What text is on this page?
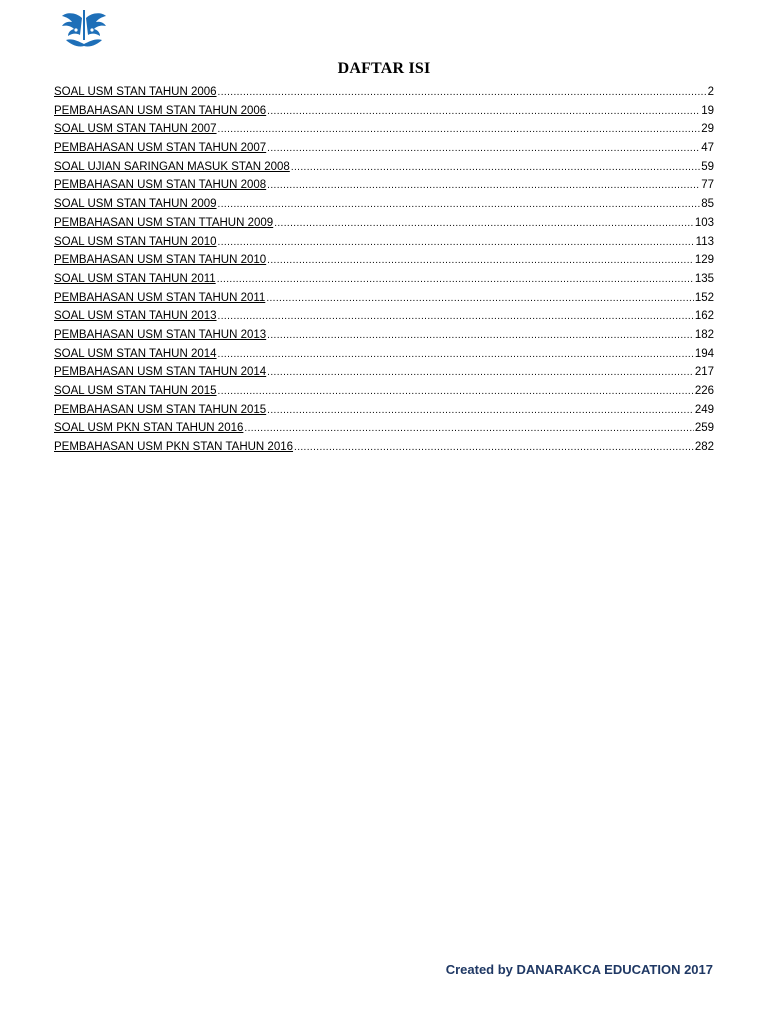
DAFTAR ISI
SOAL USM STAN TAHUN 2006 .....	2
PEMBAHASAN USM STAN TAHUN 2006 .....	19
SOAL USM STAN TAHUN 2007 .....	29
PEMBAHASAN USM STAN TAHUN 2007 .....	47
SOAL UJIAN SARINGAN MASUK STAN 2008 .....	59
PEMBAHASAN USM STAN TAHUN 2008 .....	77
SOAL USM STAN TAHUN 2009 .....	85
PEMBAHASAN USM STAN TTAHUN 2009 .....	103
SOAL USM STAN TAHUN 2010 .....	113
PEMBAHASAN USM STAN TAHUN 2010 .....	129
SOAL USM STAN TAHUN 2011 .....	135
PEMBAHASAN USM STAN TAHUN 2011 .....	152
SOAL USM STAN TAHUN 2013 .....	162
PEMBAHASAN USM STAN TAHUN 2013 .....	182
SOAL USM STAN TAHUN 2014 .....	194
PEMBAHASAN USM STAN TAHUN 2014 .....	217
SOAL USM STAN TAHUN 2015 .....	226
PEMBAHASAN USM STAN TAHUN 2015 .....	249
SOAL USM PKN STAN TAHUN 2016 .....	259
PEMBAHASAN USM PKN STAN TAHUN 2016 .....	282
Created by DANARAKCA EDUCATION 2017
